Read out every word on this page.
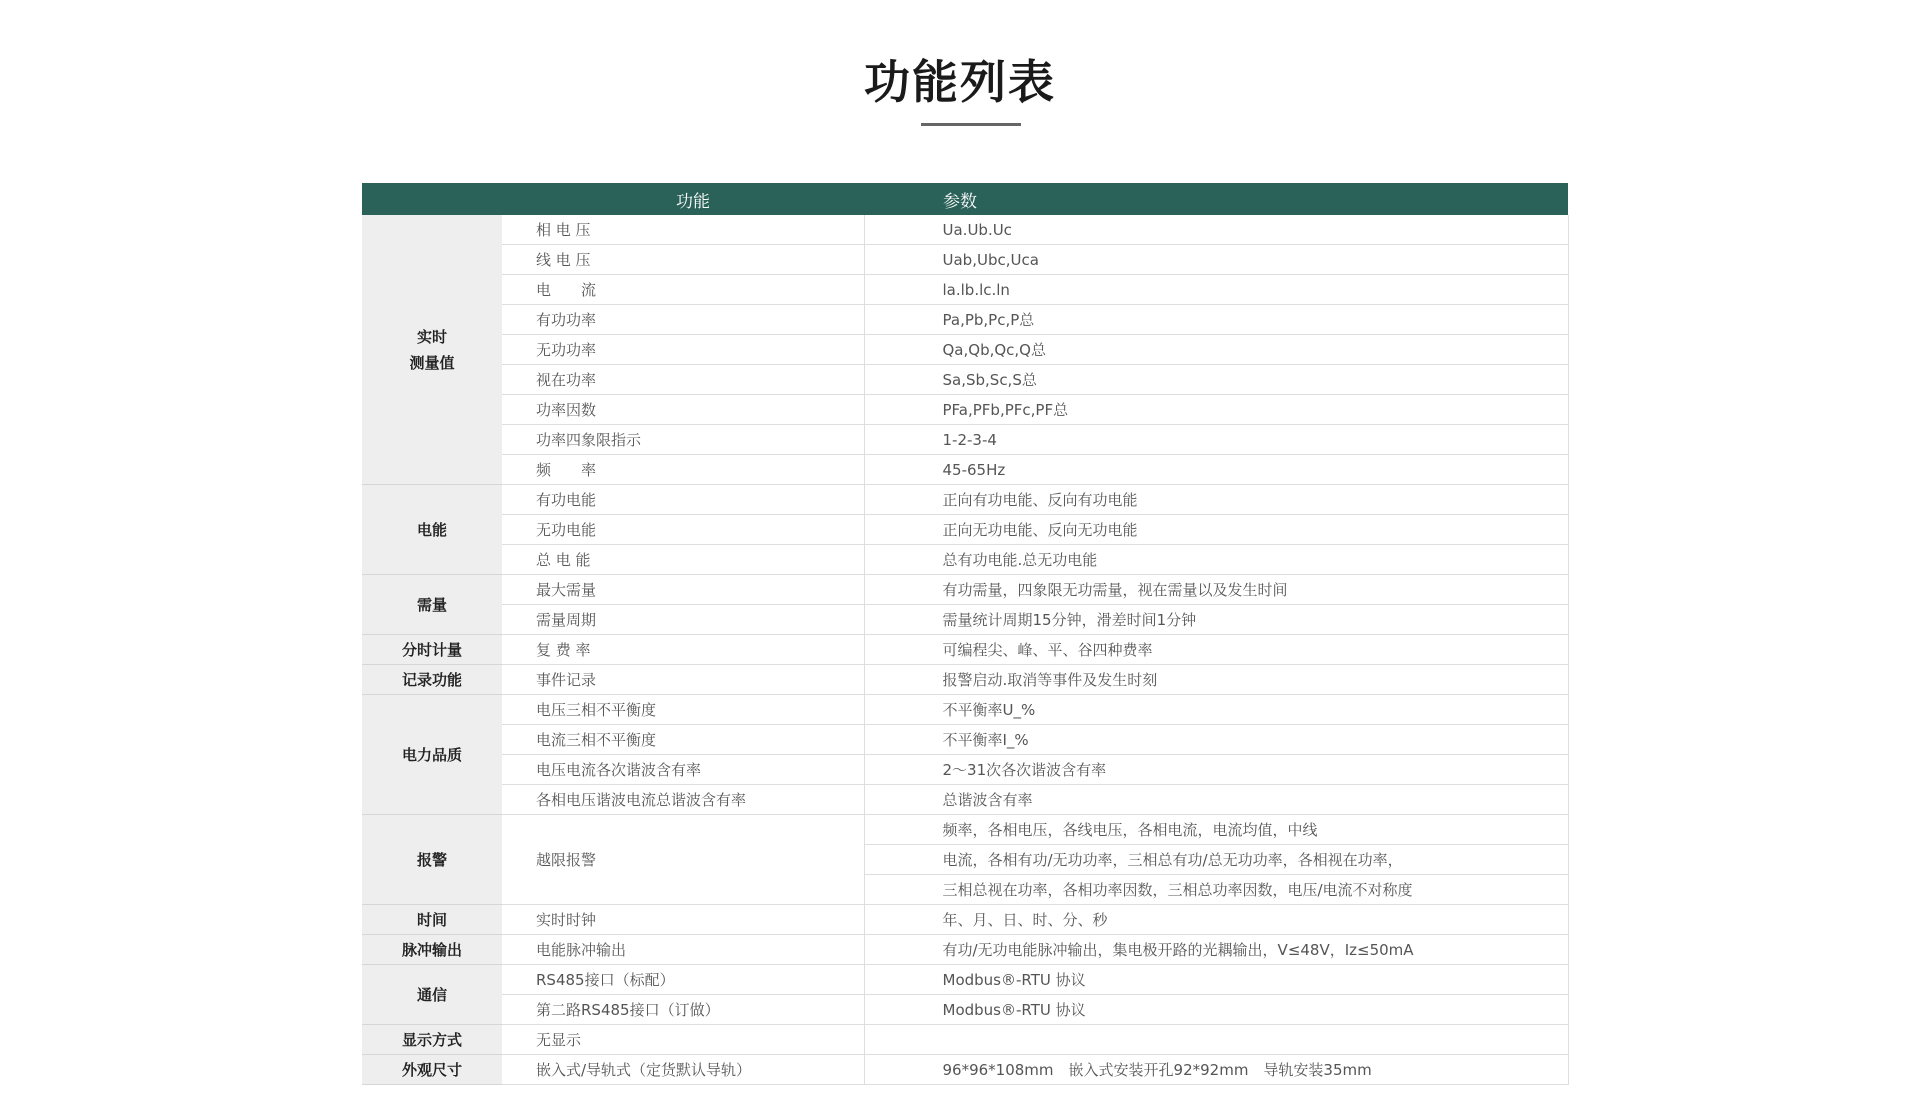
功能列表
	功能	参数
实时
测量值	相 电 压	Ua.Ub.Uc
	线 电 压	Uab,Ubc,Uca
	电　　流	la.lb.lc.ln
	有功功率	Pa,Pb,Pc,P总
	无功功率	Qa,Qb,Qc,Q总
	视在功率	Sa,Sb,Sc,S总
	功率因数	PFa,PFb,PFc,PF总
	功率四象限指示	1-2-3-4
	频　　率	45-65Hz
电能	有功电能	正向有功电能、反向有功电能
	无功电能	正向无功电能、反向无功电能
	总 电 能	总有功电能.总无功电能
需量	最大需量	有功需量，四象限无功需量，视在需量以及发生时间
	需量周期	需量统计周期15分钟，滑差时间1分钟
分时计量	复 费 率	可编程尖、峰、平、谷四种费率
记录功能	事件记录	报警启动.取消等事件及发生时刻
电力品质	电压三相不平衡度	不平衡率U_%
	电流三相不平衡度	不平衡率I_%
	电压电流各次谐波含有率	2～31次各次谐波含有率
	各相电压谐波电流总谐波含有率	总谐波含有率
报警	越限报警	频率，各相电压，各线电压，各相电流，电流均值，中线
		电流，各相有功/无功功率，三相总有功/总无功功率，各相视在功率，
		三相总视在功率，各相功率因数，三相总功率因数，电压/电流不对称度
时间	实时时钟	年、月、日、时、分、秒
脉冲输出	电能脉冲输出	有功/无功电能脉冲输出，集电极开路的光耦输出，V≤48V，Iz≤50mA
通信	RS485接口（标配）	Modbus®-RTU 协议
	第二路RS485接口（订做）	Modbus®-RTU 协议
显示方式	无显示	
外观尺寸	嵌入式/导轨式（定货默认导轨）	96*96*108mm　嵌入式安装开孔92*92mm　导轨安装35mm
